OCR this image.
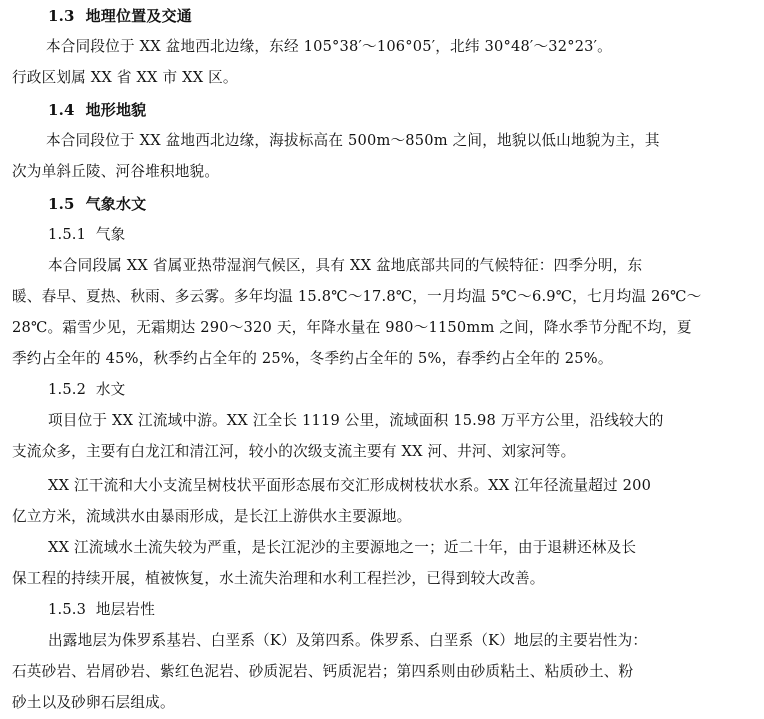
1.3 地理位置及交通
本合同段位于 XX 盆地西北边缘，东经 105°38′～106°05′，北纬 30°48′～32°23′。
行政区划属 XX 省 XX 市 XX 区。
1.4 地形地貌
本合同段位于 XX 盆地西北边缘，海拔标高在 500m～850m 之间，地貌以低山地貌为主，其
次为单斜丘陵、河谷堆积地貌。
1.5 气象水文
1.5.1 气象
本合同段属 XX 省属亚热带湿润气候区，具有 XX 盆地底部共同的气候特征：四季分明，东
暖、春早、夏热、秋雨、多云雾。多年均温 15.8℃～17.8℃，一月均温 5℃～6.9℃，七月均温 26℃～
28℃。霜雪少见，无霜期达 290～320 天，年降水量在 980～1150mm 之间，降水季节分配不均，夏
季约占全年的 45%，秋季约占全年的 25%，冬季约占全年的 5%，春季约占全年的 25%。
1.5.2 水文
项目位于 XX 江流域中游。XX 江全长 1119 公里，流域面积 15.98 万平方公里，沿线较大的
支流众多，主要有白龙江和清江河，较小的次级支流主要有 XX 河、井河、刘家河等。
XX 江干流和大小支流呈树枝状平面形态展布交汇形成树枝状水系。XX 江年径流量超过 200
亿立方米，流域洪水由暴雨形成，是长江上游供水主要源地。
XX 江流域水土流失较为严重，是长江泥沙的主要源地之一；近二十年，由于退耕还林及长
保工程的持续开展，植被恢复，水土流失治理和水利工程拦沙，已得到较大改善。
1.5.3 地层岩性
出露地层为侏罗系基岩、白垩系（K）及第四系。侏罗系、白垩系（K）地层的主要岩性为：
石英砂岩、岩屑砂岩、紫红色泥岩、砂质泥岩、钙质泥岩；第四系则由砂质粘土、粘质砂土、粉
砂土以及砂卵石层组成。
